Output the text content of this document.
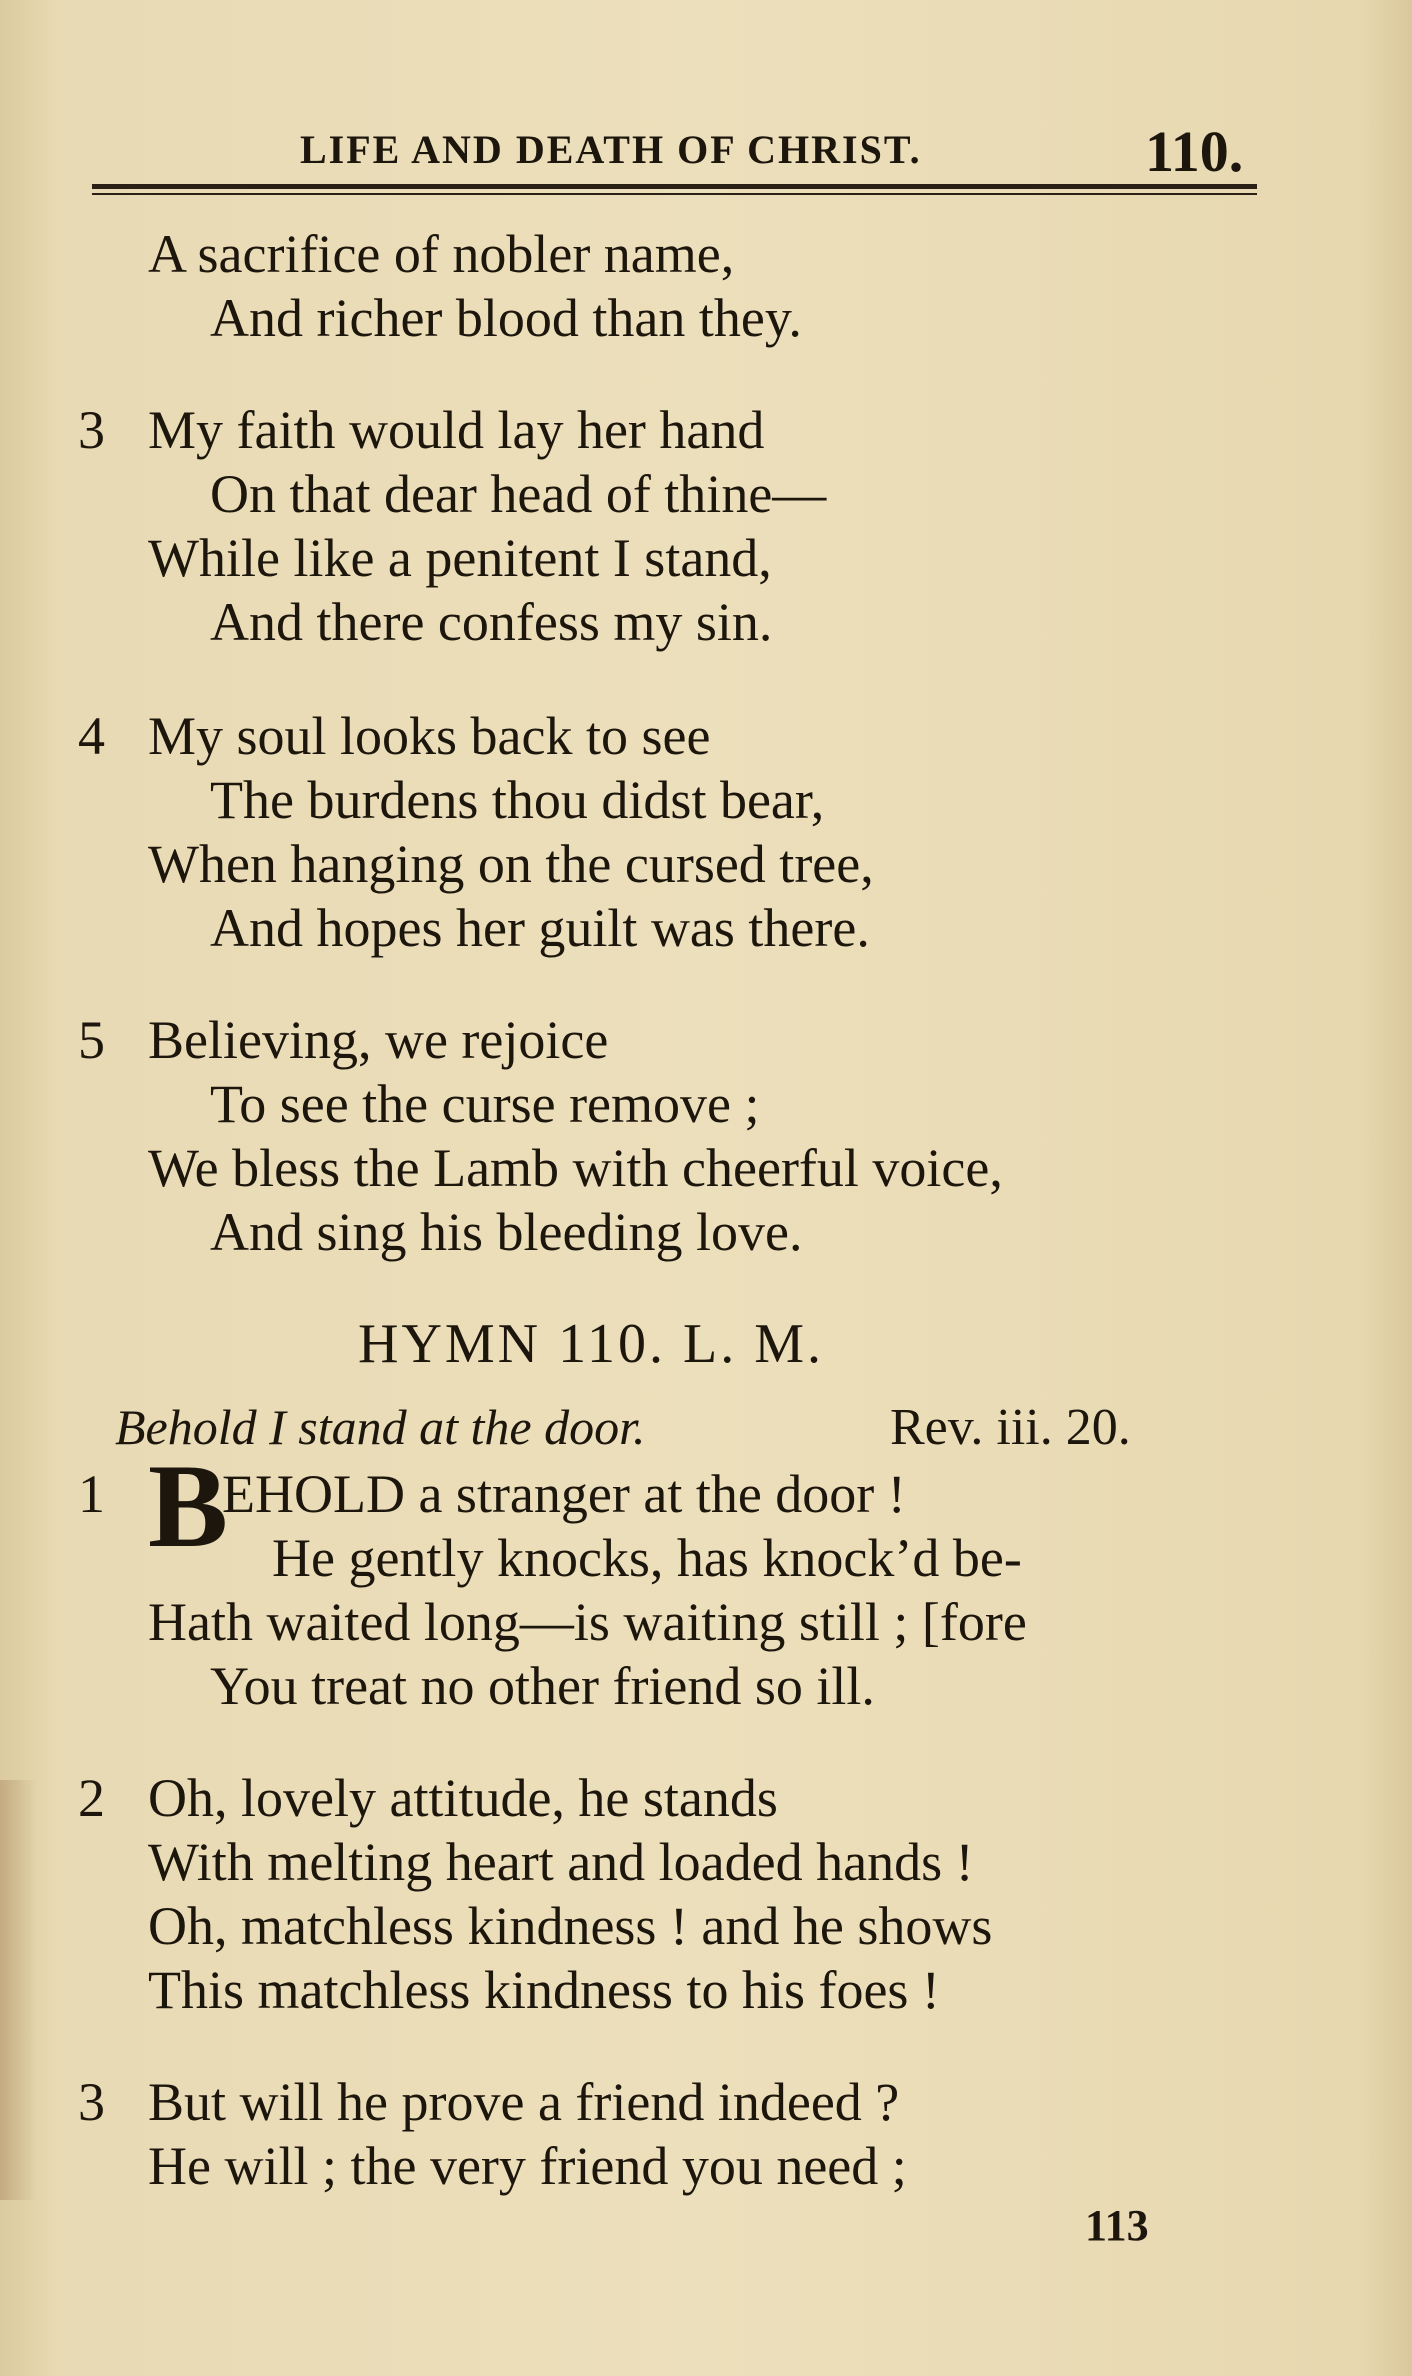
LIFE AND DEATH OF CHRIST.	110.
A sacrifice of nobler name,
And richer blood than they.
3 My faith would lay her hand
On that dear head of thine—
While like a penitent I stand,
And there confess my sin.
4 My soul looks back to see
The burdens thou didst bear,
When hanging on the cursed tree,
And hopes her guilt was there.
5 Believing, we rejoice
To see the curse remove ;
We bless the Lamb with cheerful voice,
And sing his bleeding love.
HYMN 110. L. M.
Behold I stand at the door.	Rev. iii. 20.
1 B
EHOLD a stranger at the door !
He gently knocks, has knock’d be-
Hath waited long—is waiting still ; [fore
You treat no other friend so ill.
2 Oh, lovely attitude, he stands
With melting heart and loaded hands !
Oh, matchless kindness ! and he shows
This matchless kindness to his foes !
3 But will he prove a friend indeed ?
He will ; the very friend you need ;
113
